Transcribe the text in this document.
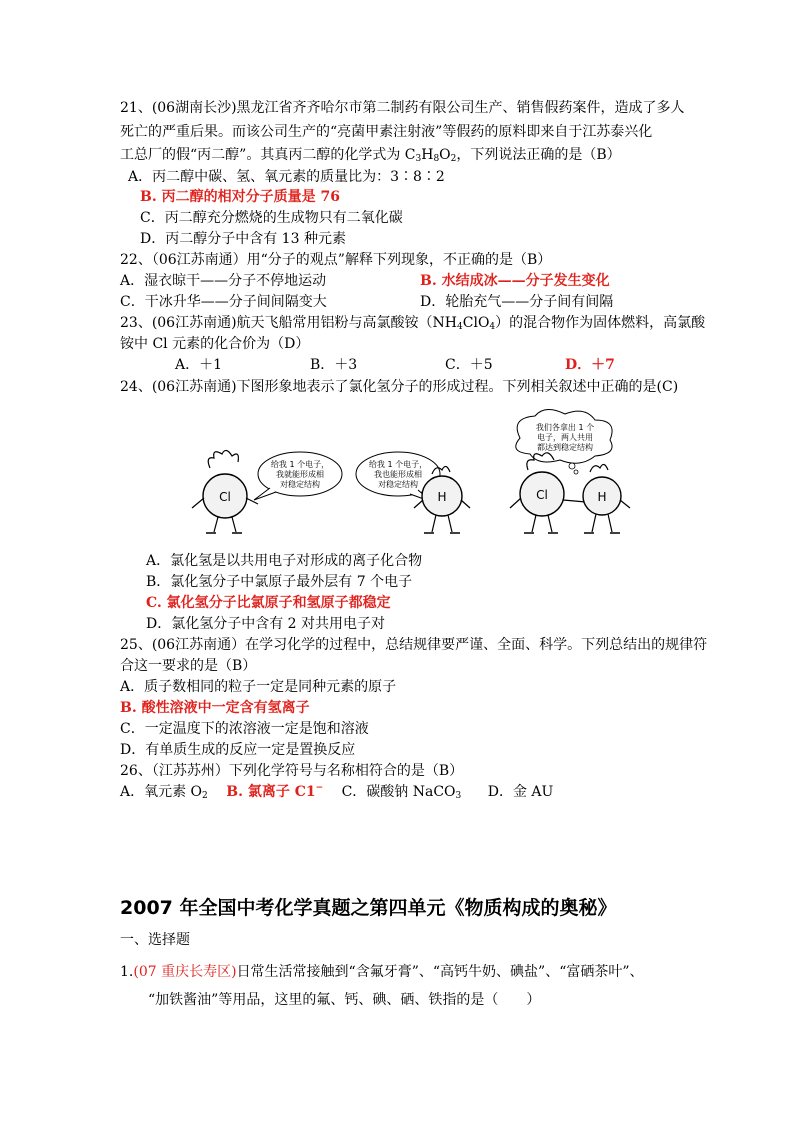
21、(06湖南长沙)黑龙江省齐齐哈尔市第二制药有限公司生产、销售假药案件，造成了多人
死亡的严重后果。而该公司生产的“亮菌甲素注射液”等假药的原料即来自于江苏泰兴化
工总厂的假“丙二醇”。其真丙二醇的化学式为 $C_3H_8O_2$，下列说法正确的是（B）
A．丙二醇中碳、氢、氧元素的质量比为：3∶8∶2
B. 丙二醇的相对分子质量是 76
C．丙二醇充分燃烧的生成物只有二氧化碳
D．丙二醇分子中含有 13 种元素
22、（06江苏南通）用“分子的观点”解释下列现象，不正确的是（B）
A．湿衣晾干——分子不停地运动	B. 水结成冰——分子发生变化
C．干冰升华——分子间间隔变大	D．轮胎充气——分子间有间隔
23、(06江苏南通)航天飞船常用铝粉与高氯酸铵$(NH_4ClO_4)$的混合物作为固体燃料，高氯酸
铵中 Cl 元素的化合价为（D）
A．＋1	B．＋3	C．＋5	D．＋7
24、(06江苏南通)下图形象地表示了氯化氢分子的形成过程。下列相关叙述中正确的是(C)
Cl
给我 1 个电子，
我就能形成相
对稳定结构
给我 1 个电子，
我也能形成相
对稳定结构
H
我们各拿出 1 个
电子，两人共用
都达到稳定结构
Cl	H
A．氯化氢是以共用电子对形成的离子化合物
B．氯化氢分子中氯原子最外层有 7 个电子
C. 氯化氢分子比氯原子和氢原子都稳定
D．氯化氢分子中含有 2 对共用电子对
25、(06江苏南通）在学习化学的过程中，总结规律要严谨、全面、科学。下列总结出的规律符
合这一要求的是（B）
A．质子数相同的粒子一定是同种元素的原子
B. 酸性溶液中一定含有氢离子
C．一定温度下的浓溶液一定是饱和溶液
D．有单质生成的反应一定是置换反应
26、（江苏苏州）下列化学符号与名称相符合的是（B）
A．氧元素 $O_2$ B. 氯离子 C1− C．碳酸钠 NaCO$_3$ D．金 AU
2007 年全国中考化学真题之第四单元《物质构成的奥秘》
一、选择题
1.(07 重庆长寿区)日常生活常接触到“含氟牙膏”、“高钙牛奶、碘盐”、“富硒茶叶”、
“加铁酱油”等用品，这里的氟、钙、碘、硒、铁指的是（　　）
